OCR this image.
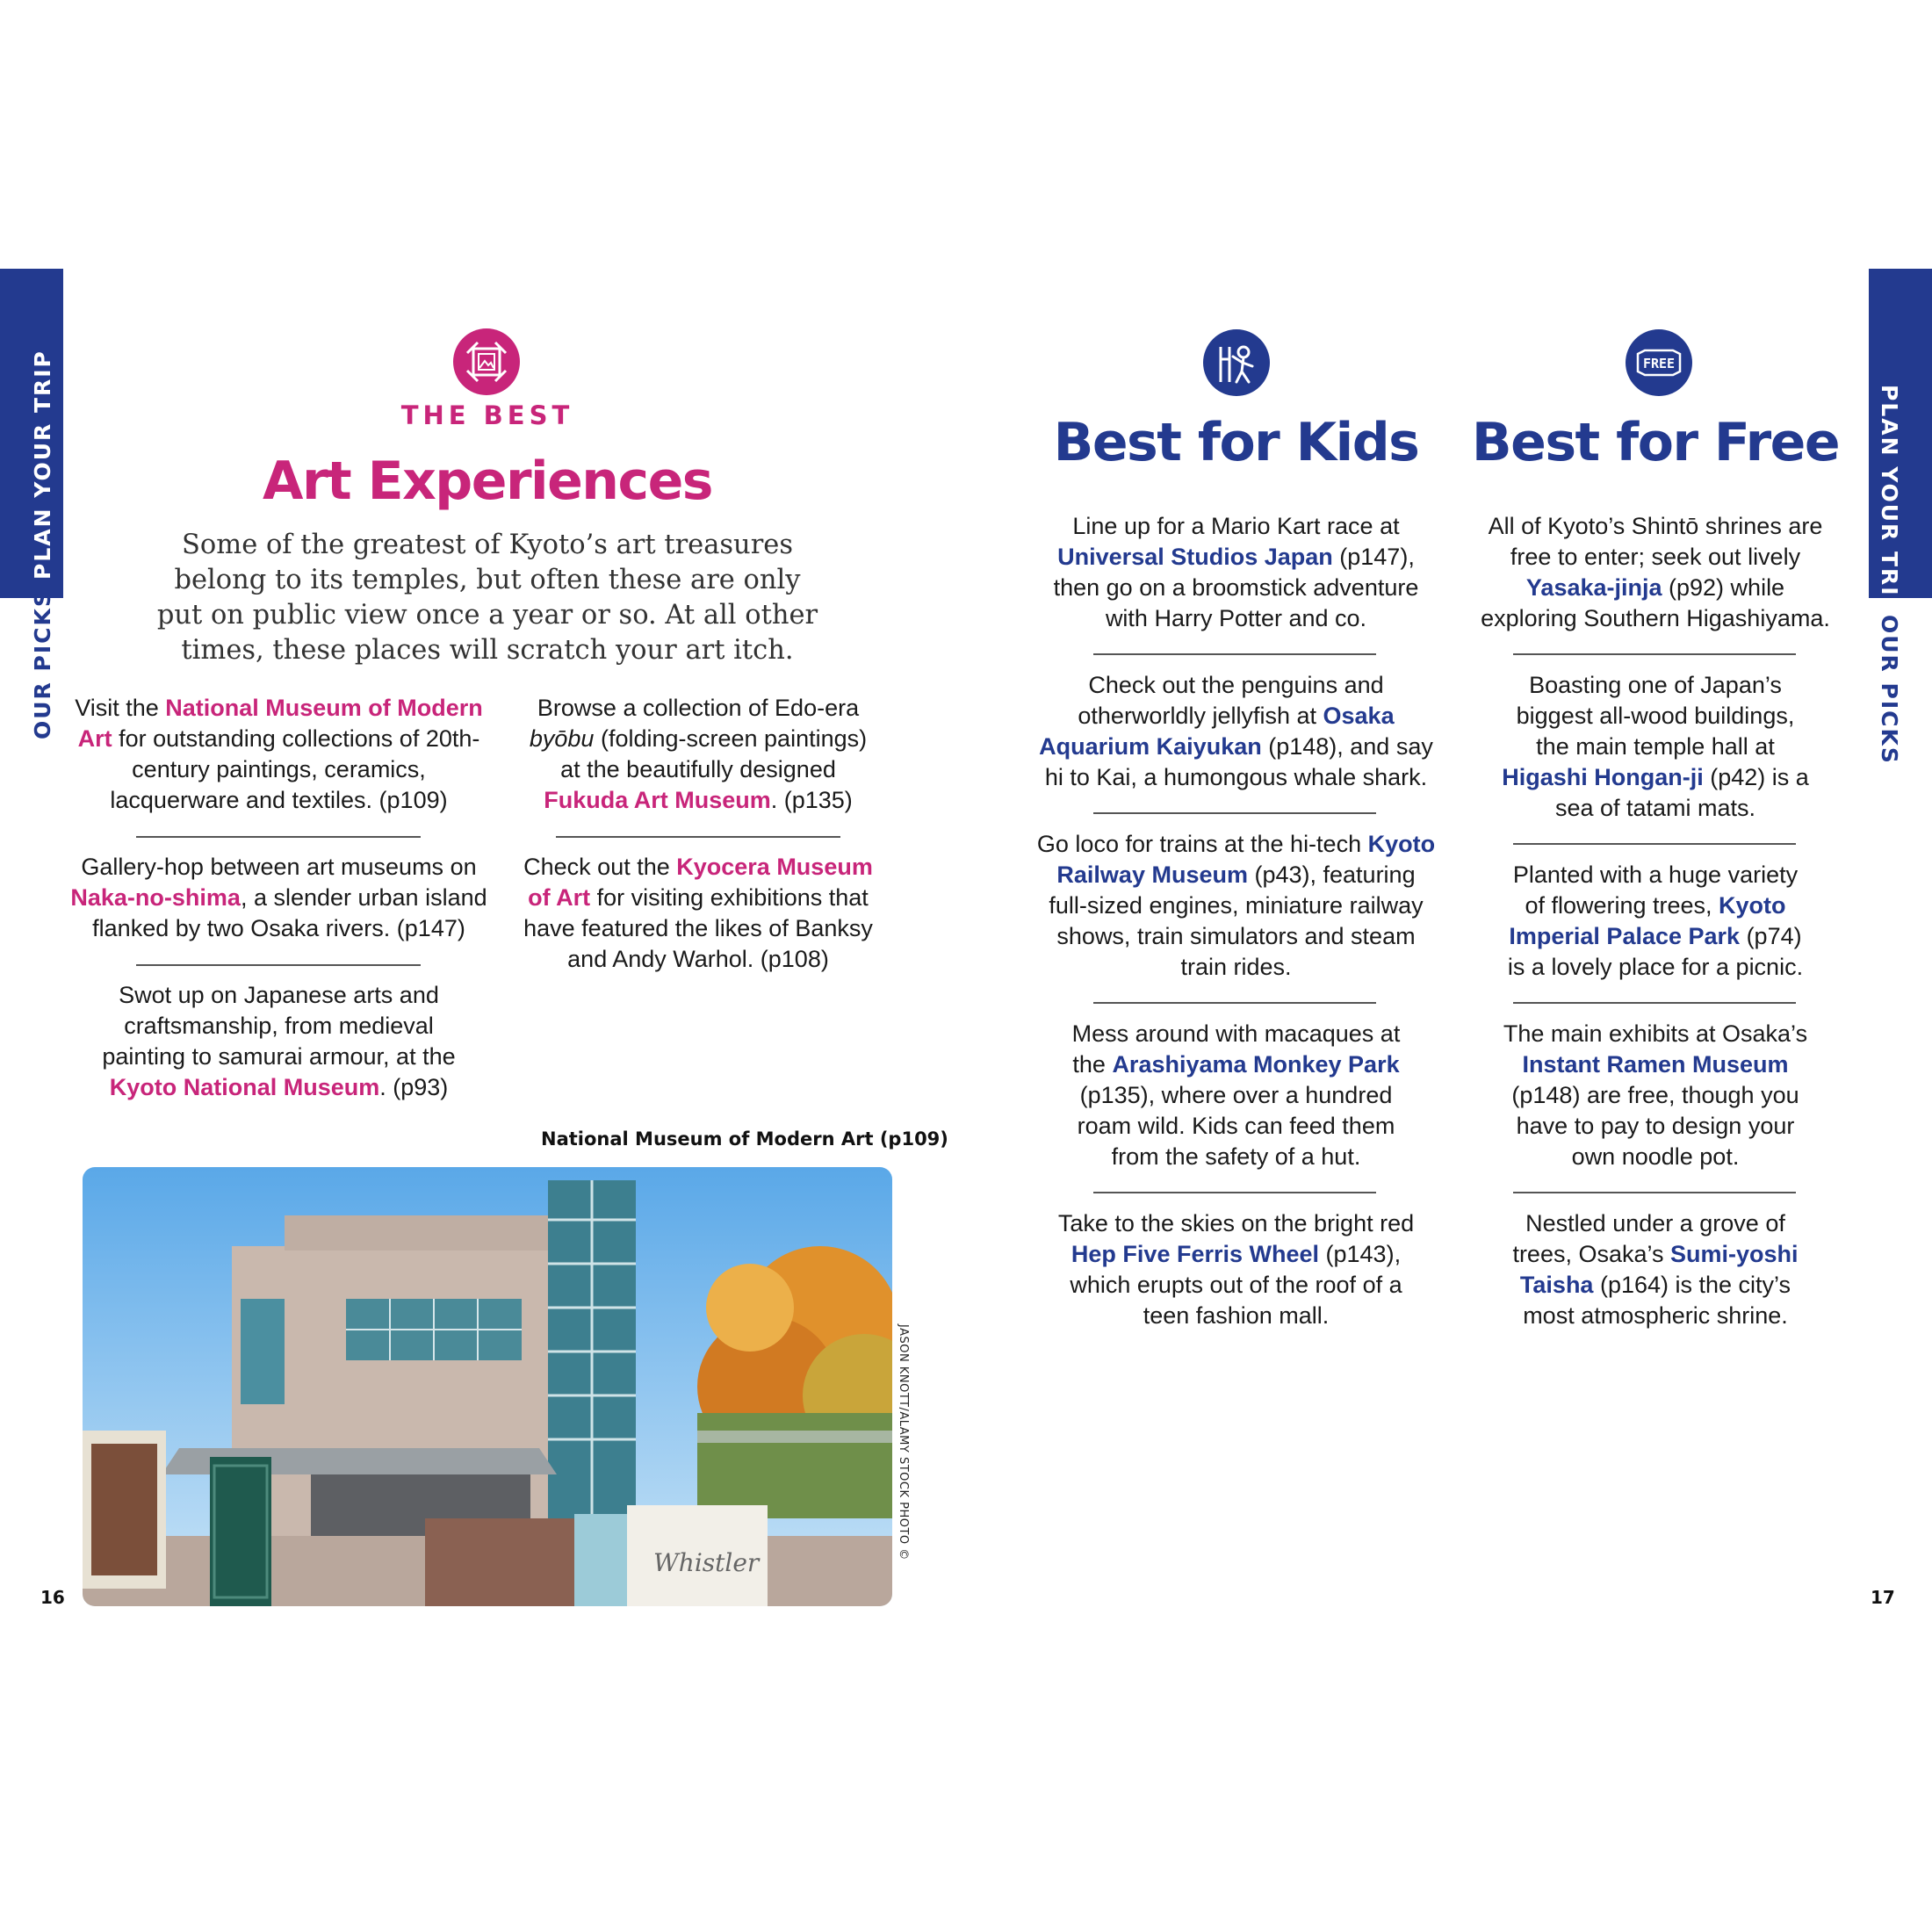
PLAN YOUR TRIP
OUR PICKS
PLAN YOUR TRIP
OUR PICKS
16	17
THE BEST
Art Experiences
Some of the greatest of Kyoto’s art treasures belong to its temples, but often these are only put on public view once a year or so. At all other times, these places will scratch your art itch.
Visit the National Museum of Modern Art for outstanding collections of 20th-century paintings, ceramics, lacquerware and textiles. (p109)
Gallery-hop between art museums on Naka-no-shima, a slender urban island flanked by two Osaka rivers. (p147)
Swot up on Japanese arts and craftsmanship, from medieval painting to samurai armour, at the Kyoto National Museum. (p93)
Browse a collection of Edo-era byōbu (folding-screen paintings) at the beautifully designed Fukuda Art Museum. (p135)
Check out the Kyocera Museum of Art for visiting exhibitions that have featured the likes of Banksy and Andy Warhol. (p108)
National Museum of Modern Art (p109)
Whistler
JASON KNOTT/ALAMY STOCK PHOTO ©
Best for Kids
Line up for a Mario Kart race at Universal Studios Japan (p147), then go on a broomstick adventure with Harry Potter and co.
Check out the penguins and otherworldly jellyfish at Osaka Aquarium Kaiyukan (p148), and say hi to Kai, a humongous whale shark.
Go loco for trains at the hi-tech Kyoto Railway Museum (p43), featuring full-sized engines, miniature railway shows, train simulators and steam train rides.
Mess around with macaques at the Arashiyama Monkey Park (p135), where over a hundred roam wild. Kids can feed them from the safety of a hut.
Take to the skies on the bright red Hep Five Ferris Wheel (p143), which erupts out of the roof of a teen fashion mall.
FREE
Best for Free
All of Kyoto’s Shintō shrines are free to enter; seek out lively Yasaka-jinja (p92) while exploring Southern Higashiyama.
Boasting one of Japan’s biggest all-wood buildings, the main temple hall at Higashi Hongan-ji (p42) is a sea of tatami mats.
Planted with a huge variety of flowering trees, Kyoto Imperial Palace Park (p74) is a lovely place for a picnic.
The main exhibits at Osaka’s Instant Ramen Museum (p148) are free, though you have to pay to design your own noodle pot.
Nestled under a grove of trees, Osaka’s Sumi-yoshi Taisha (p164) is the city’s most atmospheric shrine.
